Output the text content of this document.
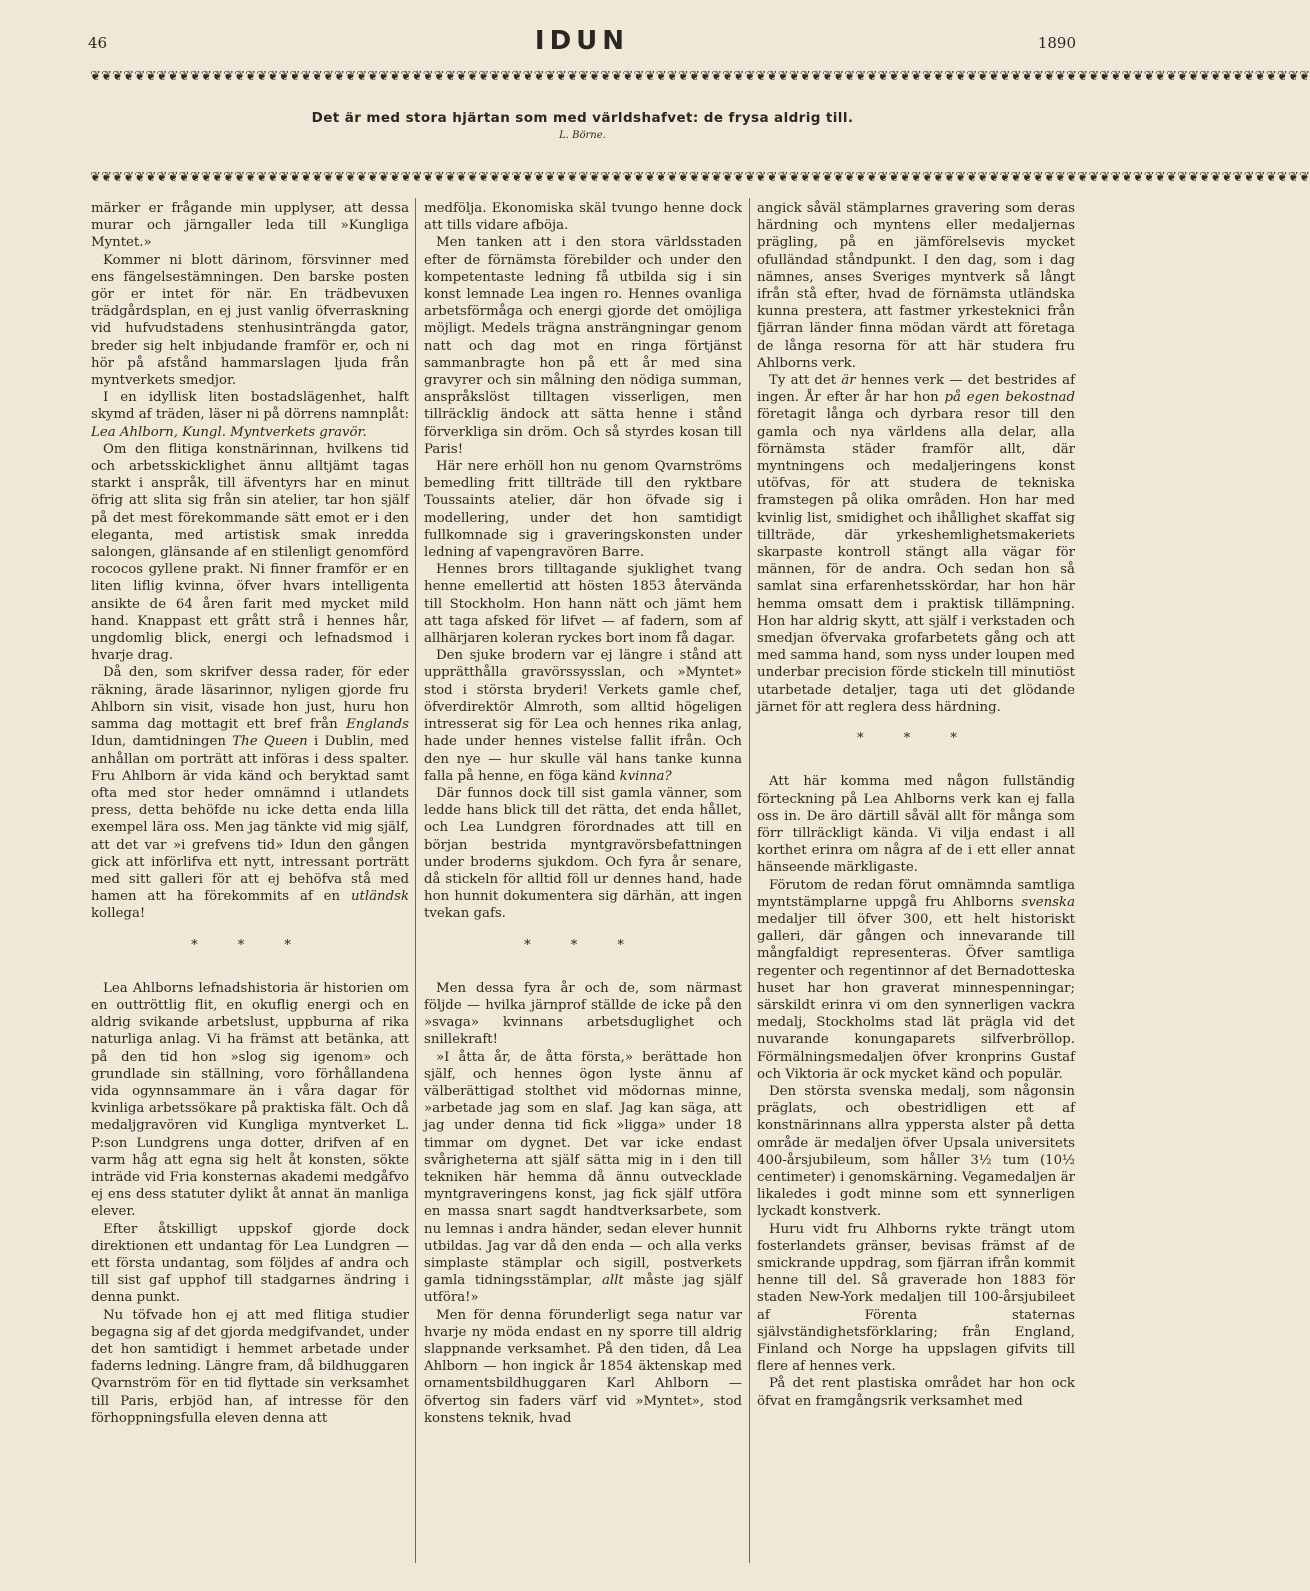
46	IDUN	1890
❦❦❦❦❦❦❦❦❦❦❦❦❦❦❦❦❦❦❦❦❦❦❦❦❦❦❦❦❦❦❦❦❦❦❦❦❦❦❦❦❦❦❦❦❦❦❦❦❦❦❦❦❦❦❦❦❦❦❦❦❦❦❦❦❦❦❦❦❦❦❦❦❦❦❦❦❦❦❦❦❦❦❦❦❦❦❦❦❦❦❦❦❦❦❦❦❦❦❦❦❦❦❦❦❦❦❦❦❦❦
Det är med stora hjärtan som med världshafvet: de frysa aldrig till.
L. Börne.
❦❦❦❦❦❦❦❦❦❦❦❦❦❦❦❦❦❦❦❦❦❦❦❦❦❦❦❦❦❦❦❦❦❦❦❦❦❦❦❦❦❦❦❦❦❦❦❦❦❦❦❦❦❦❦❦❦❦❦❦❦❦❦❦❦❦❦❦❦❦❦❦❦❦❦❦❦❦❦❦❦❦❦❦❦❦❦❦❦❦❦❦❦❦❦❦❦❦❦❦❦❦❦❦❦❦❦❦❦❦

märker er frågande min upplyser, att dessa murar och järngaller leda till »Kungliga Myntet.»

Kommer ni blott därinom, försvinner med ens fängelsestämningen. Den barske posten gör er intet för när. En trädbevuxen trädgårdsplan, en ej just vanlig öfverraskning vid hufvudstadens stenhusinträngda gator, breder sig helt inbjudande framför er, och ni hör på afstånd hammarslagen ljuda från myntverkets smedjor.

I en idyllisk liten bostadslägenhet, halft skymd af träden, läser ni på dörrens namnplåt: Lea Ahlborn, Kungl. Myntverkets gravör.

Om den flitiga konstnärinnan, hvilkens tid och arbetsskicklighet ännu alltjämt tagas starkt i anspråk, till äfventyrs har en minut öfrig att slita sig från sin atelier, tar hon själf på det mest förekommande sätt emot er i den eleganta, med artistisk smak inredda salongen, glänsande af en stilenligt genomförd rococos gyllene prakt. Ni finner framför er en liten liflig kvinna, öfver hvars intelligenta ansikte de 64 åren farit med mycket mild hand. Knappast ett grått strå i hennes hår, ungdomlig blick, energi och lefnadsmod i hvarje drag.

Då den, som skrifver dessa rader, för eder räkning, ärade läsarinnor, nyligen gjorde fru Ahlborn sin visit, visade hon just, huru hon samma dag mottagit ett bref från Englands Idun, damtidningen The Queen i Dublin, med anhållan om porträtt att införas i dess spalter. Fru Ahlborn är vida känd och beryktad samt ofta med stor heder omnämnd i utlandets press, detta behöfde nu icke detta enda lilla exempel lära oss. Men jag tänkte vid mig själf, att det var »i grefvens tid» Idun den gången gick att införlifva ett nytt, intressant porträtt med sitt galleri för att ej behöfva stå med hamen att ha förekommits af en utländsk kollega!

* * *

Lea Ahlborns lefnadshistoria är historien om en outtröttlig flit, en okuflig energi och en aldrig svikande arbetslust, uppburna af rika naturliga anlag. Vi ha främst att betänka, att på den tid hon »slog sig igenom» och grundlade sin ställning, voro förhållandena vida ogynnsammare än i våra dagar för kvinliga arbetssökare på praktiska fält. Och då medaljgravören vid Kungliga myntverket L. P:son Lundgrens unga dotter, drifven af en varm håg att egna sig helt åt konsten, sökte inträde vid Fria konsternas akademi medgåfvo ej ens dess statuter dylikt åt annat än manliga elever.

Efter åtskilligt uppskof gjorde dock direktionen ett undantag för Lea Lundgren — ett första undantag, som följdes af andra och till sist gaf upphof till stadgarnes ändring i denna punkt.

Nu töfvade hon ej att med flitiga studier begagna sig af det gjorda medgifvandet, under det hon samtidigt i hemmet arbetade under faderns ledning. Längre fram, då bildhuggaren Qvarnström för en tid flyttade sin verksamhet till Paris, erbjöd han, af intresse för den förhoppningsfulla eleven denna att

medfölja. Ekonomiska skäl tvungo henne dock att tills vidare afböja.

Men tanken att i den stora världsstaden efter de förnämsta förebilder och under den kompetentaste ledning få utbilda sig i sin konst lemnade Lea ingen ro. Hennes ovanliga arbetsförmåga och energi gjorde det omöjliga möjligt. Medels trägna ansträngningar genom natt och dag mot en ringa förtjänst sammanbragte hon på ett år med sina gravyrer och sin målning den nödiga summan, anspråkslöst tilltagen visserligen, men tillräcklig ändock att sätta henne i stånd förverkliga sin dröm. Och så styrdes kosan till Paris!

Här nere erhöll hon nu genom Qvarnströms bemedling fritt tillträde till den ryktbare Toussaints atelier, där hon öfvade sig i modellering, under det hon samtidigt fullkomnade sig i graveringskonsten under ledning af vapengravören Barre.

Hennes brors tilltagande sjuklighet tvang henne emellertid att hösten 1853 återvända till Stockholm. Hon hann nätt och jämt hem att taga afsked för lifvet — af fadern, som af allhärjaren koleran ryckes bort inom få dagar.

Den sjuke brodern var ej längre i stånd att upprätthålla gravörssysslan, och »Myntet» stod i största bryderi! Verkets gamle chef, öfverdirektör Almroth, som alltid högeligen intresserat sig för Lea och hennes rika anlag, hade under hennes vistelse fallit ifrån. Och den nye — hur skulle väl hans tanke kunna falla på henne, en föga känd kvinna?

Där funnos dock till sist gamla vänner, som ledde hans blick till det rätta, det enda hållet, och Lea Lundgren förordnades att till en början bestrida myntgravörsbefattningen under broderns sjukdom. Och fyra år senare, då stickeln för alltid föll ur dennes hand, hade hon hunnit dokumentera sig därhän, att ingen tvekan gafs.

* * *

Men dessa fyra år och de, som närmast följde — hvilka järnprof ställde de icke på den »svaga» kvinnans arbetsduglighet och snillekraft!

»I åtta år, de åtta första,» berättade hon själf, och hennes ögon lyste ännu af välberättigad stolthet vid mödornas minne, »arbetade jag som en slaf. Jag kan säga, att jag under denna tid fick »ligga» under 18 timmar om dygnet. Det var icke endast svårigheterna att själf sätta mig in i den till tekniken här hemma då ännu outvecklade myntgraveringens konst, jag fick själf utföra en massa snart sagdt handtverksarbete, som nu lemnas i andra händer, sedan elever hunnit utbildas. Jag var då den enda — och alla verks simplaste stämplar och sigill, postverkets gamla tidningsstämplar, allt måste jag själf utföra!»

Men för denna förunderligt sega natur var hvarje ny möda endast en ny sporre till aldrig slappnande verksamhet. På den tiden, då Lea Ahlborn — hon ingick år 1854 äktenskap med ornamentsbildhuggaren Karl Ahlborn — öfvertog sin faders värf vid »Myntet», stod konstens teknik, hvad

angick såväl stämplarnes gravering som deras härdning och myntens eller medaljernas prägling, på en jämförelsevis mycket ofulländad ståndpunkt. I den dag, som i dag nämnes, anses Sveriges myntverk så långt ifrån stå efter, hvad de förnämsta utländska kunna prestera, att fastmer yrkesteknici från fjärran länder finna mödan värdt att företaga de långa resorna för att här studera fru Ahlborns verk.

Ty att det är hennes verk — det bestrides af ingen. År efter år har hon på egen bekostnad företagit långa och dyrbara resor till den gamla och nya världens alla delar, alla förnämsta städer framför allt, där myntningens och medaljeringens konst utöfvas, för att studera de tekniska framstegen på olika områden. Hon har med kvinlig list, smidighet och ihållighet skaffat sig tillträde, där yrkeshemlighetsmakeriets skarpaste kontroll stängt alla vägar för männen, för de andra. Och sedan hon så samlat sina erfarenhetsskördar, har hon här hemma omsatt dem i praktisk tillämpning. Hon har aldrig skytt, att själf i verkstaden och smedjan öfvervaka grofarbetets gång och att med samma hand, som nyss under loupen med underbar precision förde stickeln till minutiöst utarbetade detaljer, taga uti det glödande järnet för att reglera dess härdning.

* * *

Att här komma med någon fullständig förteckning på Lea Ahlborns verk kan ej falla oss in. De äro därtill såväl allt för många som förr tillräckligt kända. Vi vilja endast i all korthet erinra om några af de i ett eller annat hänseende märkligaste.

Förutom de redan förut omnämnda samtliga myntstämplarne uppgå fru Ahlborns svenska medaljer till öfver 300, ett helt historiskt galleri, där gången och innevarande till mångfaldigt representeras. Öfver samtliga regenter och regentinnor af det Bernadotteska huset har hon graverat minnespenningar; särskildt erinra vi om den synnerligen vackra medalj, Stockholms stad lät prägla vid det nuvarande konungaparets silfverbröllop. Förmälningsmedaljen öfver kronprins Gustaf och Viktoria är ock mycket känd och populär.

Den största svenska medalj, som någonsin präglats, och obestridligen ett af konstnärinnans allra yppersta alster på detta område är medaljen öfver Upsala universitets 400-årsjubileum, som håller 3½ tum (10½ centimeter) i genomskärning. Vegamedaljen är likaledes i godt minne som ett synnerligen lyckadt konstverk.

Huru vidt fru Alhborns rykte trängt utom fosterlandets gränser, bevisas främst af de smickrande uppdrag, som fjärran ifrån kommit henne till del. Så graverade hon 1883 för staden New-York medaljen till 100-årsjubileet af Förenta staternas självständighetsförklaring; från England, Finland och Norge ha uppslagen gifvits till flere af hennes verk.

På det rent plastiska området har hon ock öfvat en framgångsrik verksamhet med
